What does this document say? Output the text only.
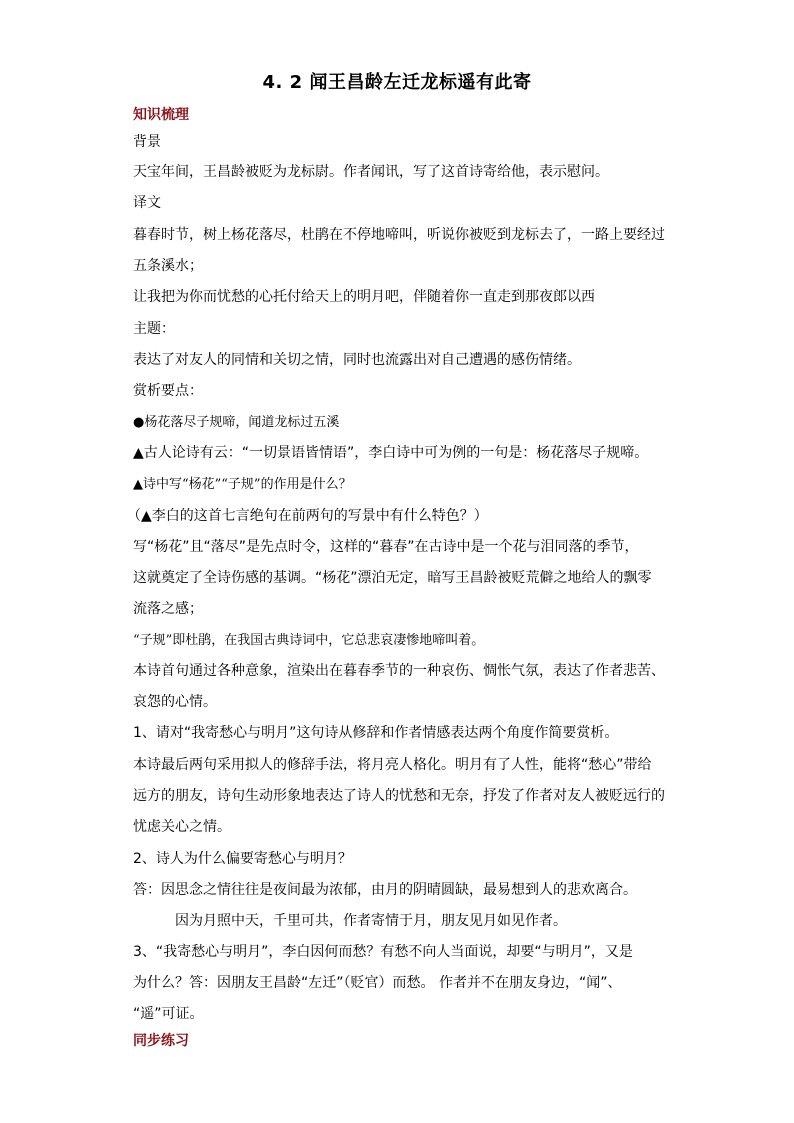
4. 2 闻王昌龄左迁龙标遥有此寄
知识梳理
背景
天宝年间，王昌龄被贬为龙标尉。作者闻讯，写了这首诗寄给他，表示慰问。
译文
暮春时节，树上杨花落尽，杜鹃在不停地啼叫，听说你被贬到龙标去了，一路上要经过
五条溪水；
让我把为你而忧愁的心托付给天上的明月吧，伴随着你一直走到那夜郎以西
主题：
表达了对友人的同情和关切之情，同时也流露出对自己遭遇的感伤情绪。
赏析要点：
●杨花落尽子规啼，闻道龙标过五溪
▲古人论诗有云：“一切景语皆情语”，李白诗中可为例的一句是：杨花落尽子规啼。
▲诗中写“杨花”“子规”的作用是什么？
（▲李白的这首七言绝句在前两句的写景中有什么特色？）
写“杨花”且“落尽”是先点时令，这样的“暮春”在古诗中是一个花与泪同落的季节，
这就奠定了全诗伤感的基调。“杨花”漂泊无定，暗写王昌龄被贬荒僻之地给人的飘零
流落之感；
“子规”即杜鹃，在我国古典诗词中，它总悲哀凄惨地啼叫着。
本诗首句通过各种意象，渲染出在暮春季节的一种哀伤、惆怅气氛，表达了作者悲苦、
哀怨的心情。
1、请对“我寄愁心与明月”这句诗从修辞和作者情感表达两个角度作简要赏析。
本诗最后两句采用拟人的修辞手法，将月亮人格化。明月有了人性，能将“愁心”带给
远方的朋友，诗句生动形象地表达了诗人的忧愁和无奈，抒发了作者对友人被贬远行的
忧虑关心之情。
2、诗人为什么偏要寄愁心与明月？
答：因思念之情往往是夜间最为浓郁，由月的阴晴圆缺，最易想到人的悲欢离合。
因为月照中天，千里可共，作者寄情于月，朋友见月如见作者。
3、“我寄愁心与明月”，李白因何而愁？有愁不向人当面说，却要“与明月”，又是
为什么？答：因朋友王昌龄“左迁”（贬官）而愁。 作者并不在朋友身边，“闻”、
“遥”可证。
同步练习
